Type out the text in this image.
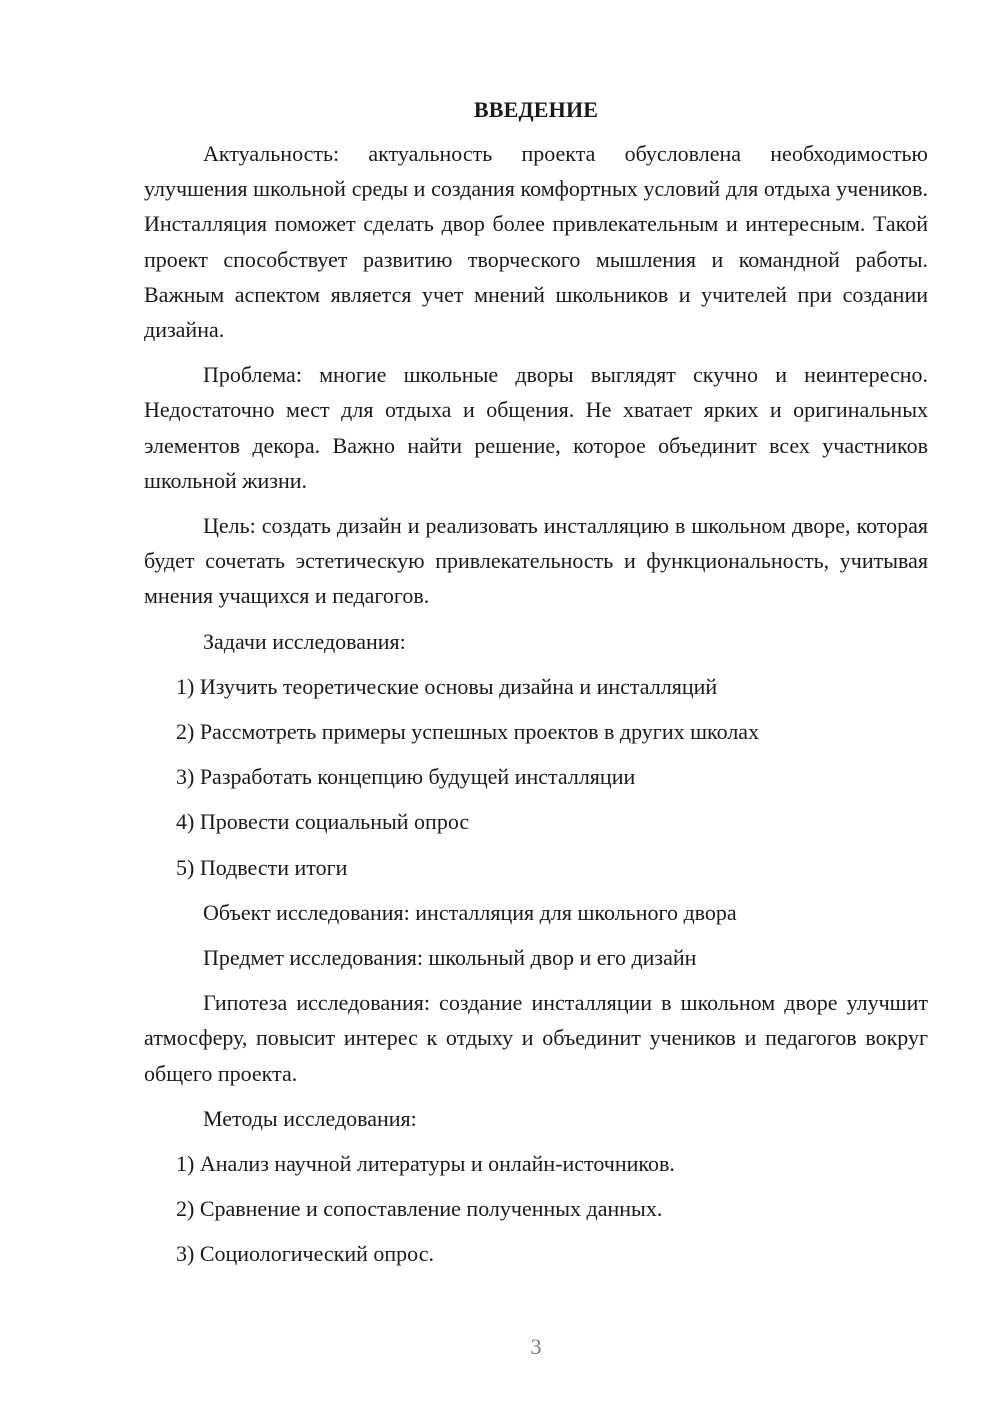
ВВЕДЕНИЕ

Актуальность: актуальность проекта обусловлена необходимостью улучшения школьной среды и создания комфортных условий для отдыха учеников. Инсталляция поможет сделать двор более привлекательным и интересным. Такой проект способствует развитию творческого мышления и командной работы. Важным аспектом является учет мнений школьников и учителей при создании дизайна.

Проблема: многие школьные дворы выглядят скучно и неинтересно. Недостаточно мест для отдыха и общения. Не хватает ярких и оригинальных элементов декора. Важно найти решение, которое объединит всех участников школьной жизни.

Цель: создать дизайн и реализовать инсталляцию в школьном дворе, которая будет сочетать эстетическую привлекательность и функциональность, учитывая мнения учащихся и педагогов.

Задачи исследования:

1) Изучить теоретические основы дизайна и инсталляций
2) Рассмотреть примеры успешных проектов в других школах
3) Разработать концепцию будущей инсталляции
4) Провести социальный опрос
5) Подвести итоги

Объект исследования: инсталляция для школьного двора

Предмет исследования: школьный двор и его дизайн

Гипотеза исследования: создание инсталляции в школьном дворе улучшит атмосферу, повысит интерес к отдыху и объединит учеников и педагогов вокруг общего проекта.

Методы исследования:

1) Анализ научной литературы и онлайн-источников.
2) Сравнение и сопоставление полученных данных.
3) Социологический опрос.
3
